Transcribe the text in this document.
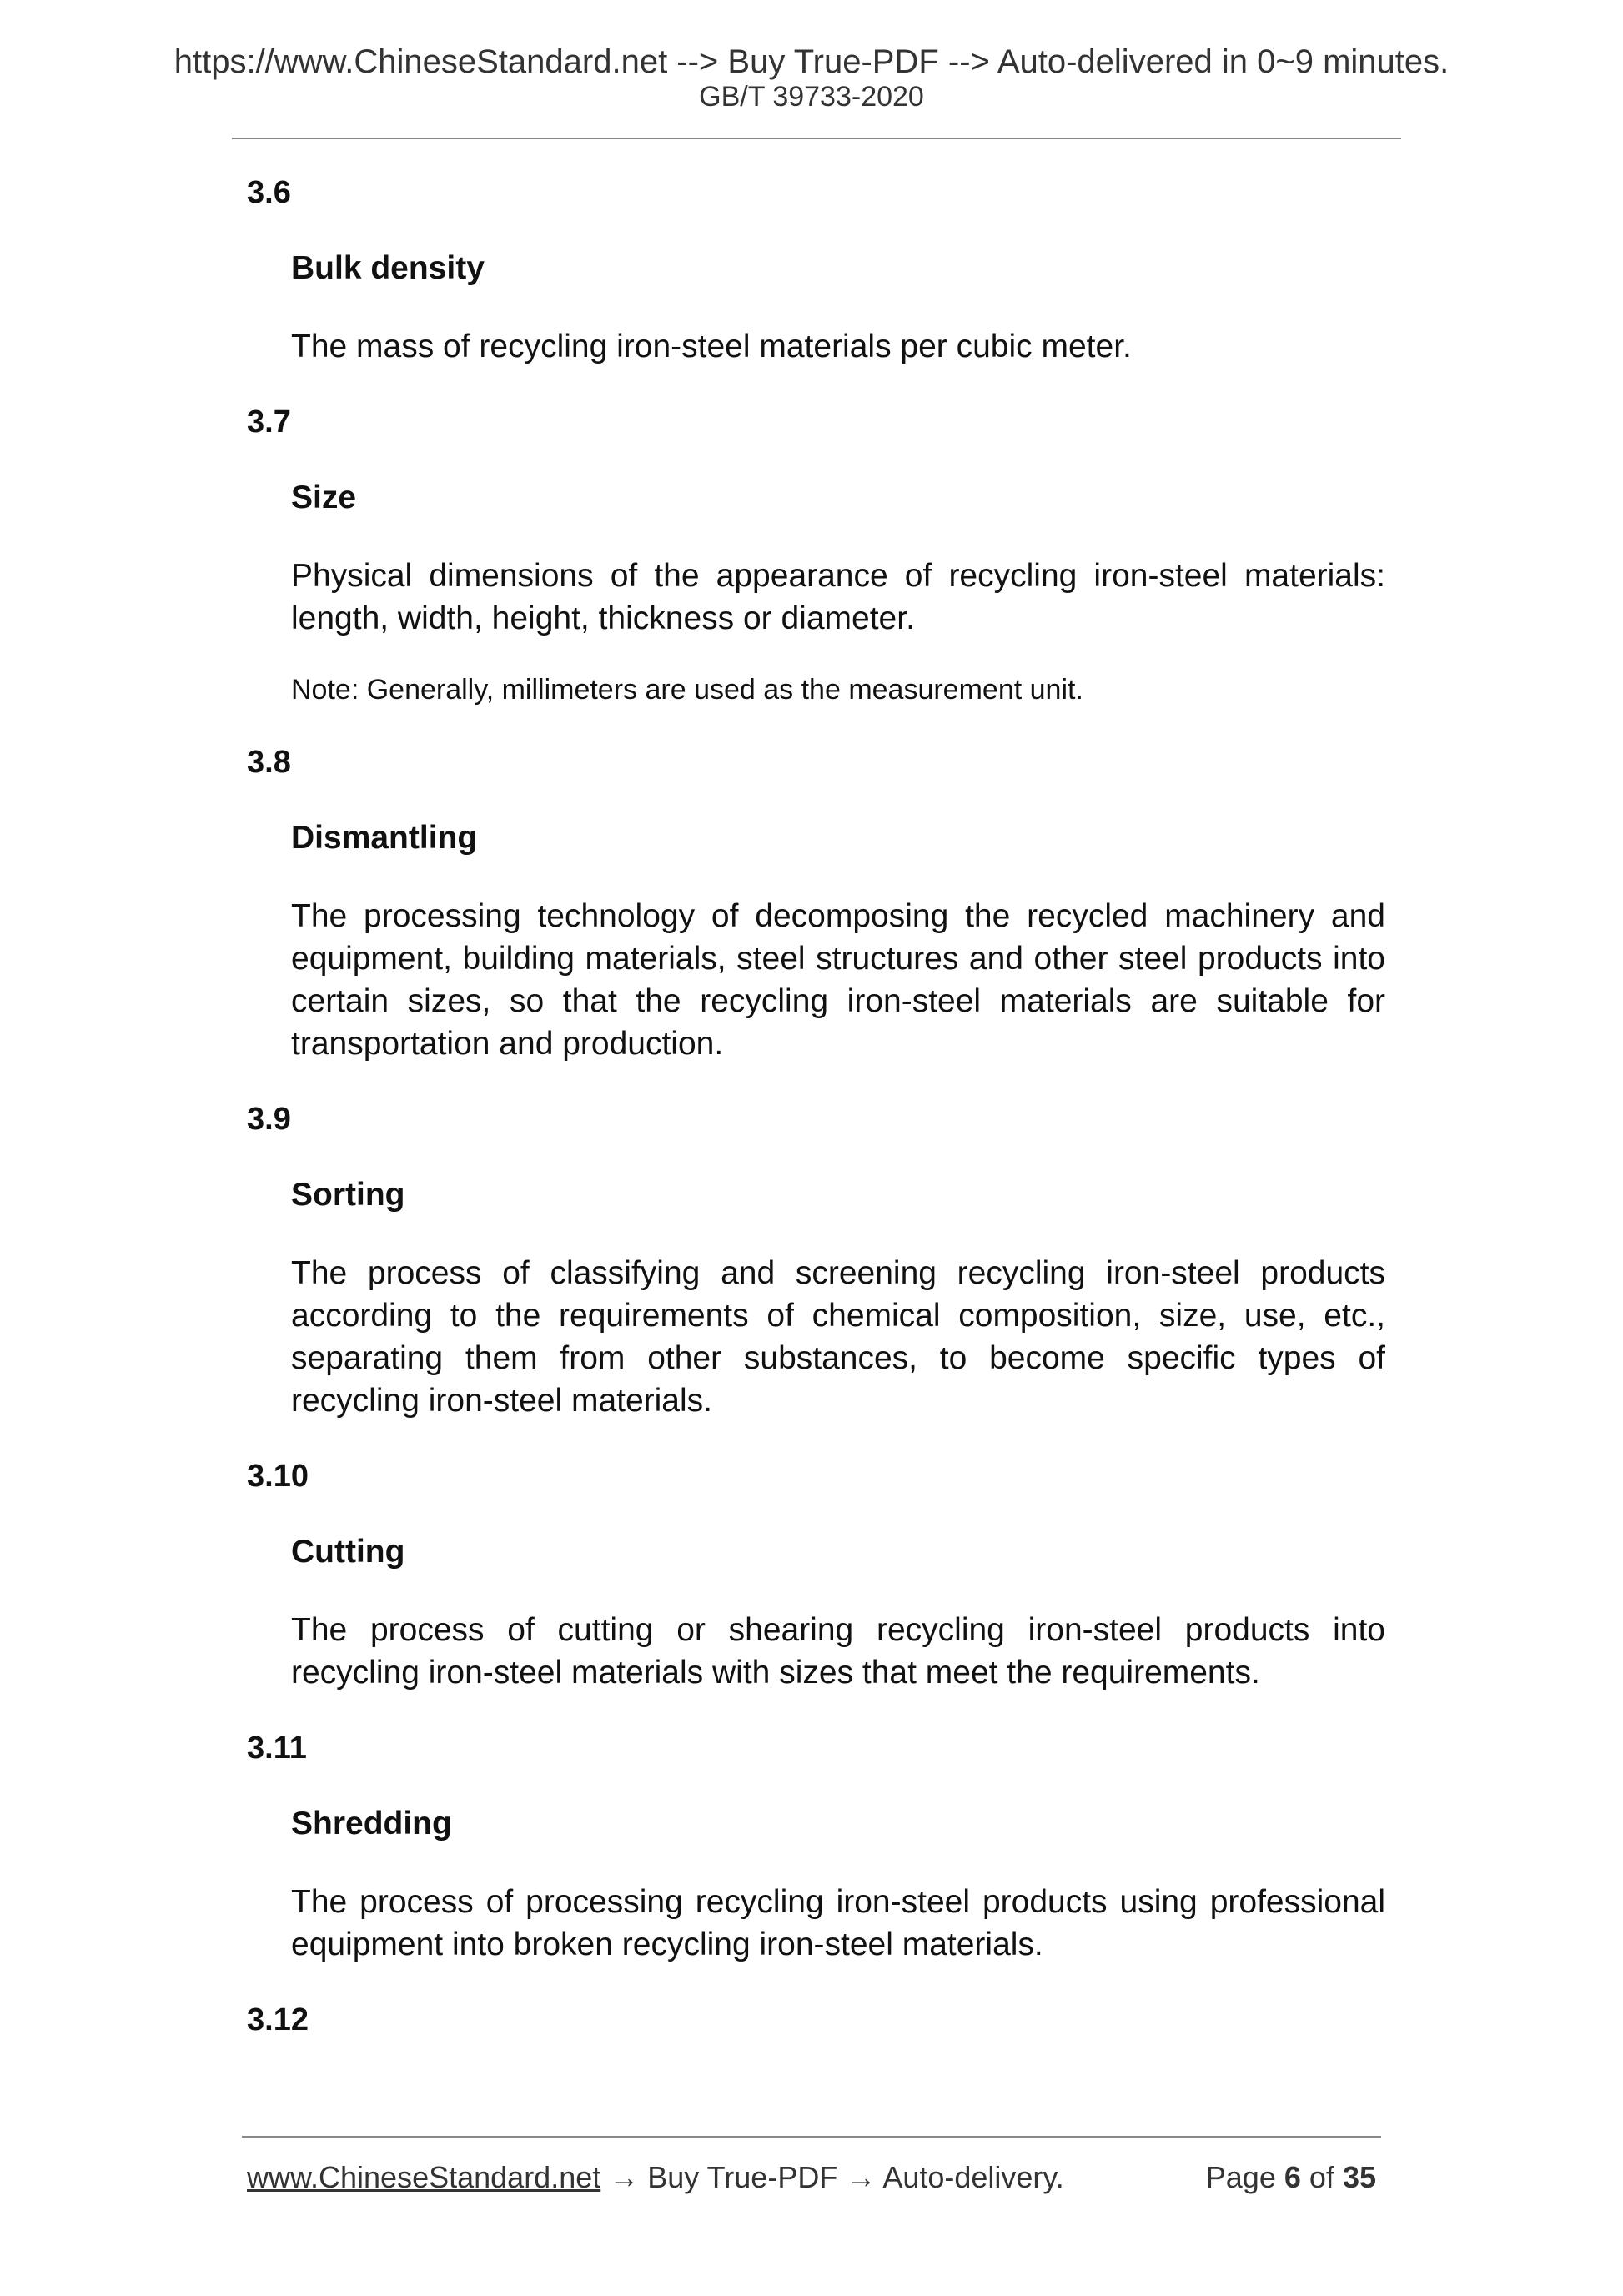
https://www.ChineseStandard.net --> Buy True-PDF --> Auto-delivered in 0~9 minutes.
GB/T 39733-2020
3.6
Bulk density
The mass of recycling iron-steel materials per cubic meter.
3.7
Size
Physical dimensions of the appearance of recycling iron-steel materials: length, width, height, thickness or diameter.
Note: Generally, millimeters are used as the measurement unit.
3.8
Dismantling
The processing technology of decomposing the recycled machinery and equipment, building materials, steel structures and other steel products into certain sizes, so that the recycling iron-steel materials are suitable for transportation and production.
3.9
Sorting
The process of classifying and screening recycling iron-steel products according to the requirements of chemical composition, size, use, etc., separating them from other substances, to become specific types of recycling iron-steel materials.
3.10
Cutting
The process of cutting or shearing recycling iron-steel products into recycling iron-steel materials with sizes that meet the requirements.
3.11
Shredding
The process of processing recycling iron-steel products using professional equipment into broken recycling iron-steel materials.
3.12
www.ChineseStandard.net → Buy True-PDF → Auto-delivery.	Page 6 of 35
